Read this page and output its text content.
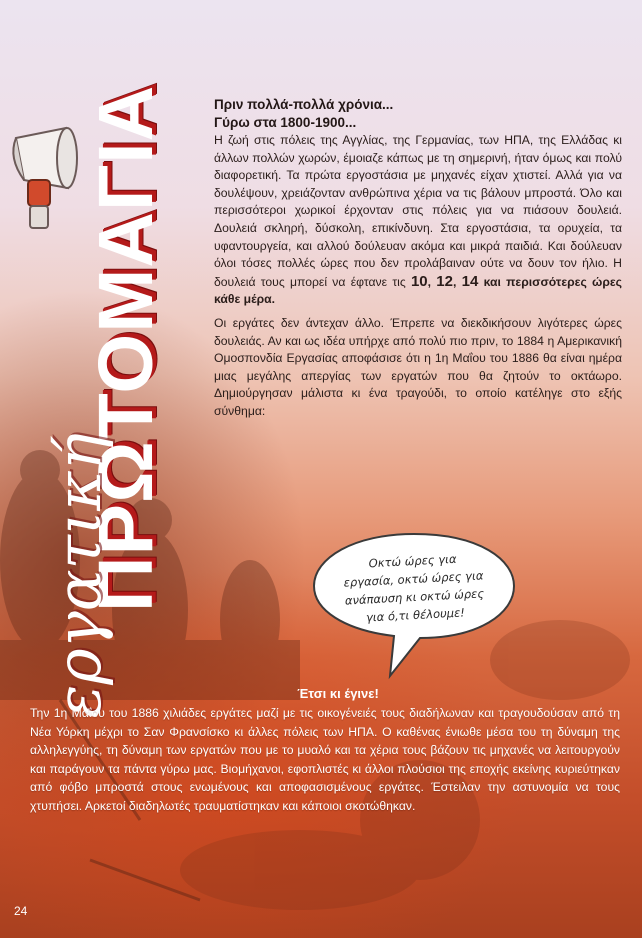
ΠΡΩΤΟΜΑΓΙΑ
εργατική
Πριν πολλά-πολλά χρόνια...
Γύρω στα 1800-1900...

Η ζωή στις πόλεις της Αγγλίας, της Γερμανίας, των ΗΠΑ, της Ελλάδας κι άλλων πολλών χωρών, έμοιαζε κάπως με τη σημερινή, ήταν όμως και πολύ διαφορετική. Τα πρώτα εργοστάσια με μηχανές είχαν χτιστεί. Αλλά για να δουλέψουν, χρειάζονταν ανθρώπινα χέρια να τις βάλουν μπροστά. Όλο και περισσότεροι χωρικοί έρχονταν στις πόλεις για να πιάσουν δουλειά. Δουλειά σκληρή, δύσκολη, επικίνδυνη. Στα εργοστάσια, τα ορυχεία, τα υφαντουργεία, και αλλού δούλευαν ακόμα και μικρά παιδιά. Και δούλευαν όλοι τόσες πολλές ώρες που δεν προλάβαιναν ούτε να δουν τον ήλιο. Η δουλειά τους μπορεί να έφτανε τις 10, 12, 14 και περισσότερες ώρες κάθε μέρα.

Οι εργάτες δεν άντεχαν άλλο. Έπρεπε να διεκδικήσουν λιγότερες ώρες δουλειάς. Αν και ως ιδέα υπήρχε από πολύ πιο πριν, το 1884 η Αμερικανική Ομοσπονδία Εργασίας αποφάσισε ότι η 1η Μαΐου του 1886 θα είναι ημέρα μιας μεγάλης απεργίας των εργατών που θα ζητούν το οκτάωρο. Δημιούργησαν μάλιστα κι ένα τραγούδι, το οποίο κατέληγε στο εξής σύνθημα:

Οκτώ ώρες για
εργασία, οκτώ ώρες για
ανάπαυση κι οκτώ ώρες
για ό,τι θέλουμε!
Έτσι κι έγινε!
Την 1η Μαΐου του 1886 χιλιάδες εργάτες μαζί με τις οικογένειές τους διαδήλωναν και τραγουδούσαν από τη Νέα Υόρκη μέχρι το Σαν Φρανσίσκο κι άλλες πόλεις των ΗΠΑ. Ο καθένας ένιωθε μέσα του τη δύναμη της αλληλεγγύης, τη δύναμη των εργατών που με το μυαλό και τα χέρια τους βάζουν τις μηχανές να λειτουργούν και παράγουν τα πάντα γύρω μας. Βιομήχανοι, εφοπλιστές κι άλλοι πλούσιοι της εποχής εκείνης κυριεύτηκαν από φόβο μπροστά στους ενωμένους και αποφασισμένους εργάτες. Έστειλαν την αστυνομία να τους χτυπήσει. Αρκετοί διαδηλωτές τραυματίστηκαν και κάποιοι σκοτώθηκαν.
24
